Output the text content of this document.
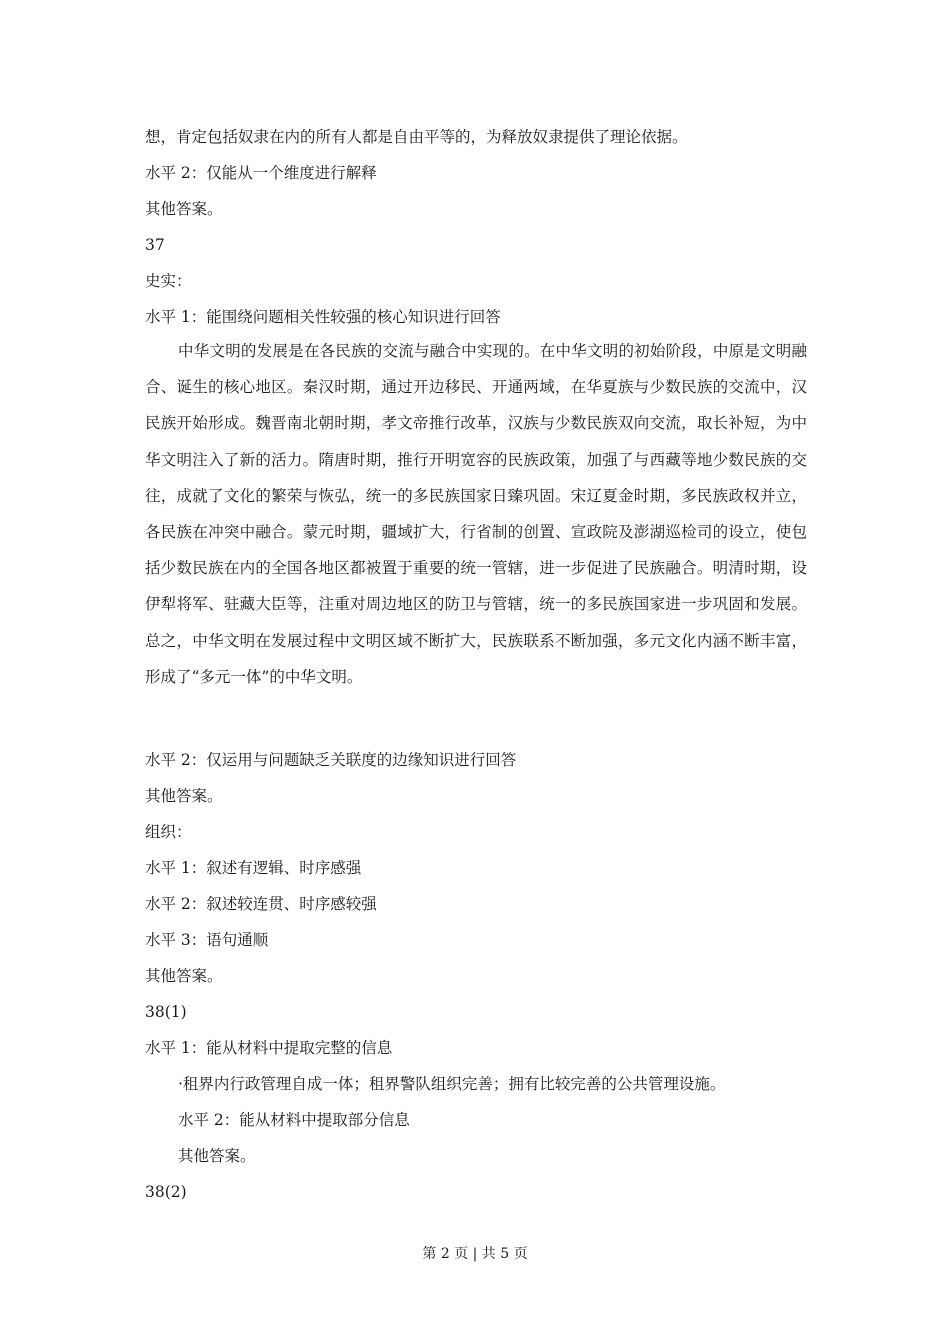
想，肯定包括奴隶在内的所有人都是自由平等的，为释放奴隶提供了理论依据。
水平 2：仅能从一个维度进行解释
其他答案。
37
史实：
水平 1：能围绕问题相关性较强的核心知识进行回答
中华文明的发展是在各民族的交流与融合中实现的。在中华文明的初始阶段，中原是文明融合、诞生的核心地区。秦汉时期，通过开边移民、开通两域，在华夏族与少数民族的交流中，汉民族开始形成。魏晋南北朝时期，孝文帝推行改革，汉族与少数民族双向交流，取长补短，为中华文明注入了新的活力。隋唐时期，推行开明宽容的民族政策，加强了与西藏等地少数民族的交往，成就了文化的繁荣与恢弘，统一的多民族国家日臻巩固。宋辽夏金时期，多民族政权并立，各民族在冲突中融合。蒙元时期，疆域扩大，行省制的创置、宣政院及澎湖巡检司的设立，使包括少数民族在内的全国各地区都被置于重要的统一管辖，进一步促进了民族融合。明清时期，设伊犁将军、驻藏大臣等，注重对周边地区的防卫与管辖，统一的多民族国家进一步巩固和发展。总之，中华文明在发展过程中文明区域不断扩大，民族联系不断加强，多元文化内涵不断丰富，形成了“多元一体”的中华文明。
水平 2：仅运用与问题缺乏关联度的边缘知识进行回答
其他答案。
组织：
水平 1：叙述有逻辑、时序感强
水平 2：叙述较连贯、时序感较强
水平 3：语句通顺
其他答案。
38(1)
水平 1：能从材料中提取完整的信息
·租界内行政管理自成一体；租界警队组织完善；拥有比较完善的公共管理设施。
水平 2：能从材料中提取部分信息
其他答案。
38(2)
第 2 页 | 共 5 页
